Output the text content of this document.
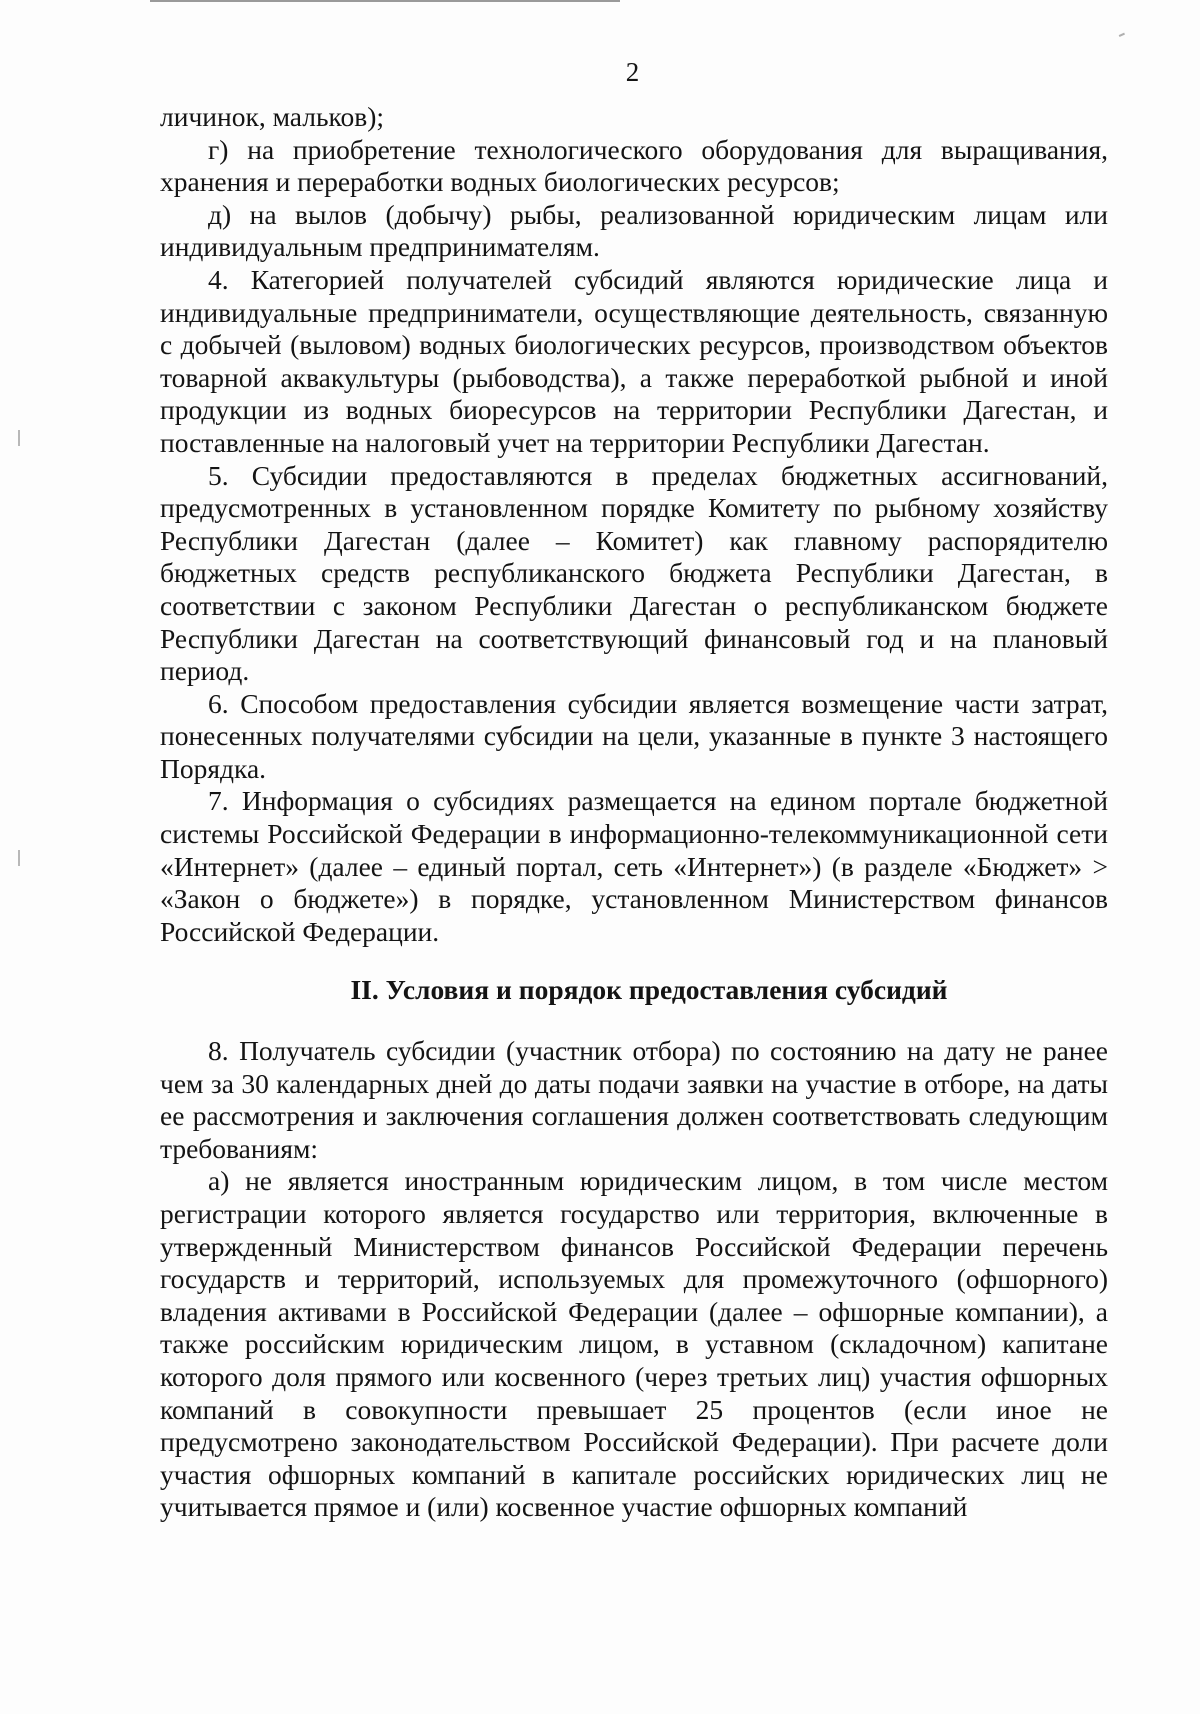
2

личинок, мальков);

г) на приобретение технологического оборудования для выращивания, хранения и переработки водных биологических ресурсов;

д) на вылов (добычу) рыбы, реализованной юридическим лицам или индивидуальным предпринимателям.

4. Категорией получателей субсидий являются юридические лица и индивидуальные предприниматели, осуществляющие деятельность, связанную с добычей (выловом) водных биологических ресурсов, производством объектов товарной аквакультуры (рыбоводства), а также переработкой рыбной и иной продукции из водных биоресурсов на территории Республики Дагестан, и поставленные на налоговый учет на территории Республики Дагестан.

5. Субсидии предоставляются в пределах бюджетных ассигнований, предусмотренных в установленном порядке Комитету по рыбному хозяйству Республики Дагестан (далее – Комитет) как главному распорядителю бюджетных средств республиканского бюджета Республики Дагестан, в соответствии с законом Республики Дагестан о республиканском бюджете Республики Дагестан на соответствующий финансовый год и на плановый период.

6. Способом предоставления субсидии является возмещение части затрат, понесенных получателями субсидии на цели, указанные в пункте 3 настоящего Порядка.

7. Информация о субсидиях размещается на едином портале бюджетной системы Российской Федерации в информационно-телекоммуникационной сети «Интернет» (далее – единый портал, сеть «Интернет») (в разделе «Бюджет» > «Закон о бюджете») в порядке, установленном Министерством финансов Российской Федерации.

II. Условия и порядок предоставления субсидий

8. Получатель субсидии (участник отбора) по состоянию на дату не ранее чем за 30 календарных дней до даты подачи заявки на участие в отборе, на даты ее рассмотрения и заключения соглашения должен соответствовать следующим требованиям:

а) не является иностранным юридическим лицом, в том числе местом регистрации которого является государство или территория, включенные в утвержденный Министерством финансов Российской Федерации перечень государств и территорий, используемых для промежуточного (офшорного) владения активами в Российской Федерации (далее – офшорные компании), а также российским юридическим лицом, в уставном (складочном) капитане которого доля прямого или косвенного (через третьих лиц) участия офшорных компаний в совокупности превышает 25 процентов (если иное не предусмотрено законодательством Российской Федерации). При расчете доли участия офшорных компаний в капитале российских юридических лиц не учитывается прямое и (или) косвенное участие офшорных компаний
